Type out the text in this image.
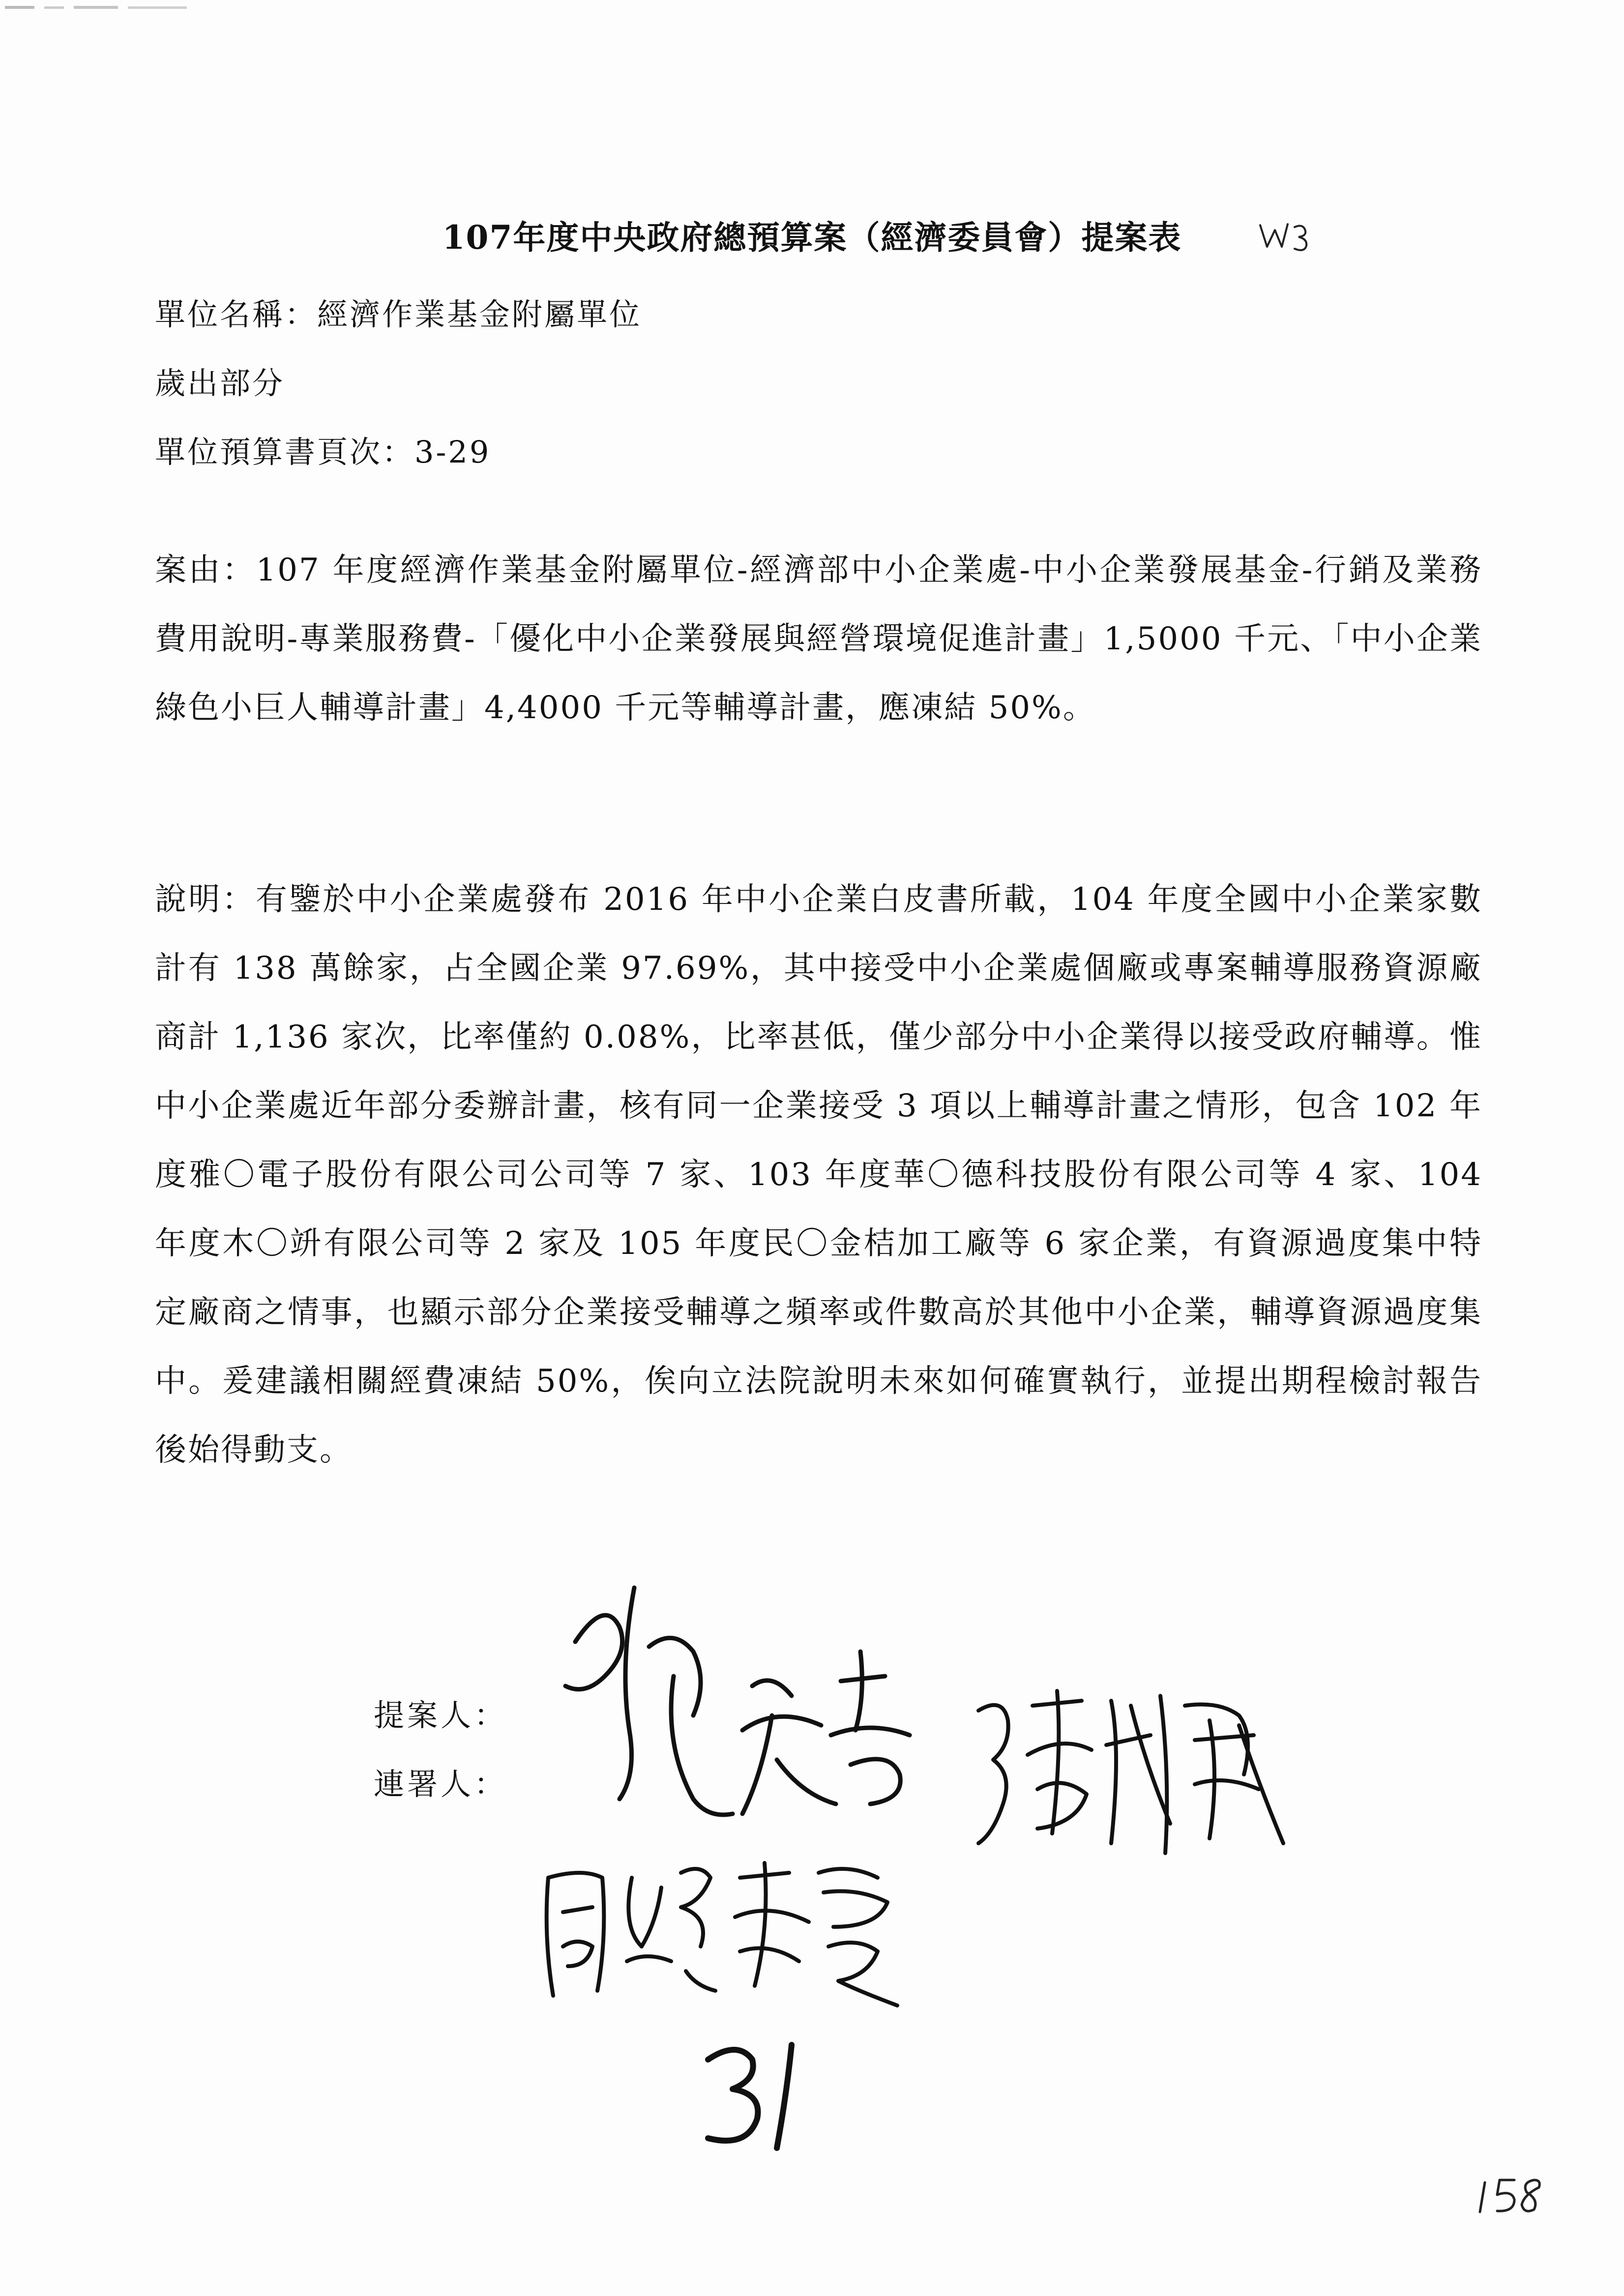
107年度中央政府總預算案（經濟委員會）提案表
單位名稱：經濟作業基金附屬單位
歲出部分
單位預算書頁次：3-29
案由：107 年度經濟作業基金附屬單位-經濟部中小企業處-中小企業發展基金-行銷及業務費用說明-專業服務費-「優化中小企業發展與經營環境促進計畫」1,5000 千元、「中小企業綠色小巨人輔導計畫」4,4000 千元等輔導計畫，應凍結 50%。
說明：有鑒於中小企業處發布 2016 年中小企業白皮書所載，104 年度全國中小企業家數計有 138 萬餘家，占全國企業 97.69%，其中接受中小企業處個廠或專案輔導服務資源廠商計 1,136 家次，比率僅約 0.08%，比率甚低，僅少部分中小企業得以接受政府輔導。惟中小企業處近年部分委辦計畫，核有同一企業接受 3 項以上輔導計畫之情形，包含 102 年度雅〇電子股份有限公司公司等 7 家、103 年度華〇德科技股份有限公司等 4 家、104 年度木〇竔有限公司等 2 家及 105 年度民〇金桔加工廠等 6 家企業，有資源過度集中特定廠商之情事，也顯示部分企業接受輔導之頻率或件數高於其他中小企業，輔導資源過度集中。爰建議相關經費凍結 50%，俟向立法院說明未來如何確實執行，並提出期程檢討報告後始得動支。
提案人：
連署人：
